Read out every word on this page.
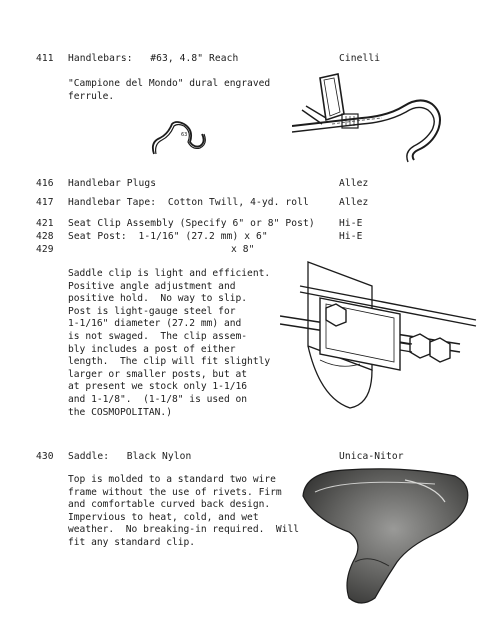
411 Handlebars:   #63, 4.8" Reach	Cinelli
"Campione del Mondo" dural engraved
ferrule.
63
416 Handlebar Plugs	Allez
417 Handlebar Tape:  Cotton Twill, 4-yd. roll	Allez
421 Seat Clip Assembly (Specify 6" or 8" Post)	Hi-E
428 Seat Post:  1-1/16" (27.2 mm) x 6"	Hi-E
429	x 8"
Saddle clip is light and efficient.
Positive angle adjustment and
positive hold.  No way to slip.
Post is light-gauge steel for
1-1/16" diameter (27.2 mm) and
is not swaged.  The clip assem-
bly includes a post of either
length.  The clip will fit slightly
larger or smaller posts, but at
at present we stock only 1-1/16
and 1-1/8".  (1-1/8" is used on
the COSMOPOLITAN.)
430 Saddle:   Black Nylon	Unica-Nitor
Top is molded to a standard two wire
frame without the use of rivets. Firm
and comfortable curved back design.
Impervious to heat, cold, and wet
weather.  No breaking-in required.  Will
fit any standard clip.
